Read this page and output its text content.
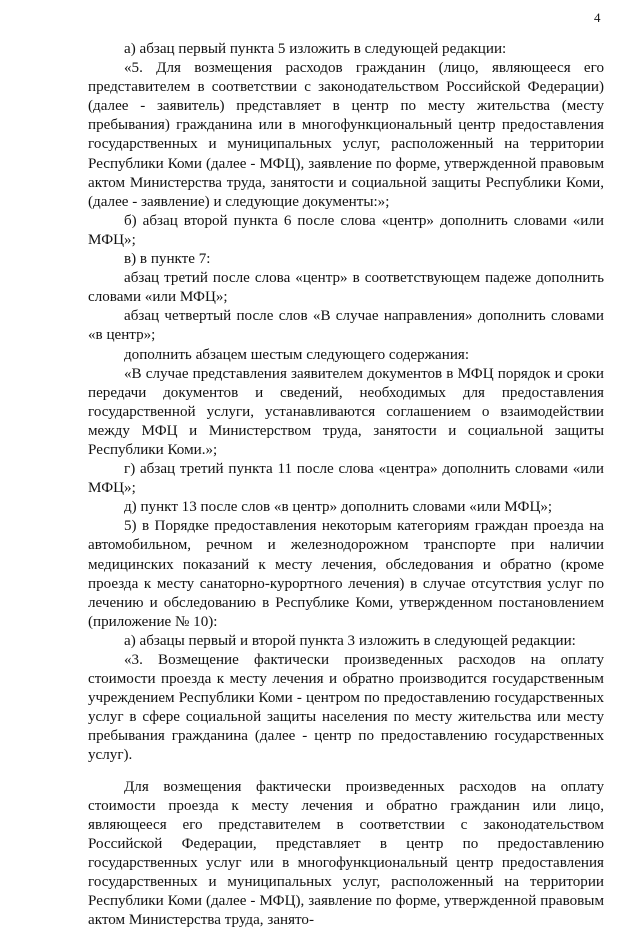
4

а) абзац первый пункта 5 изложить в следующей редакции:

«5. Для возмещения расходов гражданин (лицо, являющееся его представителем в соответствии с законодательством Российской Федерации) (далее - заявитель) представляет в центр по месту жительства (месту пребывания) гражданина или в многофункциональный центр предоставления государственных и муниципальных услуг, расположенный на территории Республики Коми (далее - МФЦ), заявление по форме, утвержденной правовым актом Министерства труда, занятости и социальной защиты Республики Коми, (далее - заявление) и следующие документы:»;

б) абзац второй пункта 6 после слова «центр» дополнить словами «или МФЦ»;

в) в пункте 7:

абзац третий после слова «центр» в соответствующем падеже дополнить словами «или МФЦ»;

абзац четвертый после слов «В случае направления» дополнить словами «в центр»;

дополнить абзацем шестым следующего содержания:

«В случае представления заявителем документов в МФЦ порядок и сроки передачи документов и сведений, необходимых для предоставления государственной услуги, устанавливаются соглашением о взаимодействии между МФЦ и Министерством труда, занятости и социальной защиты Республики Коми.»;

г) абзац третий пункта 11 после слова «центра» дополнить словами «или МФЦ»;

д) пункт 13 после слов «в центр» дополнить словами «или МФЦ»;

5) в Порядке предоставления некоторым категориям граждан проезда на автомобильном, речном и железнодорожном транспорте при наличии медицинских показаний к месту лечения, обследования и обратно (кроме проезда к месту санаторно-курортного лечения) в случае отсутствия услуг по лечению и обследованию в Республике Коми, утвержденном постановлением (приложение № 10):

а) абзацы первый и второй пункта 3 изложить в следующей редакции:

«3. Возмещение фактически произведенных расходов на оплату стоимости проезда к месту лечения и обратно производится государственным учреждением Республики Коми - центром по предоставлению государственных услуг в сфере социальной защиты населения по месту жительства или месту пребывания гражданина (далее - центр по предоставлению государственных услуг).

Для возмещения фактически произведенных расходов на оплату стоимости проезда к месту лечения и обратно гражданин или лицо, являющееся его представителем в соответствии с законодательством Российской Федерации, представляет в центр по предоставлению государственных услуг или в многофункциональный центр предоставления государственных и муниципальных услуг, расположенный на территории Республики Коми (далее - МФЦ), заявление по форме, утвержденной правовым актом Министерства труда, занято-
